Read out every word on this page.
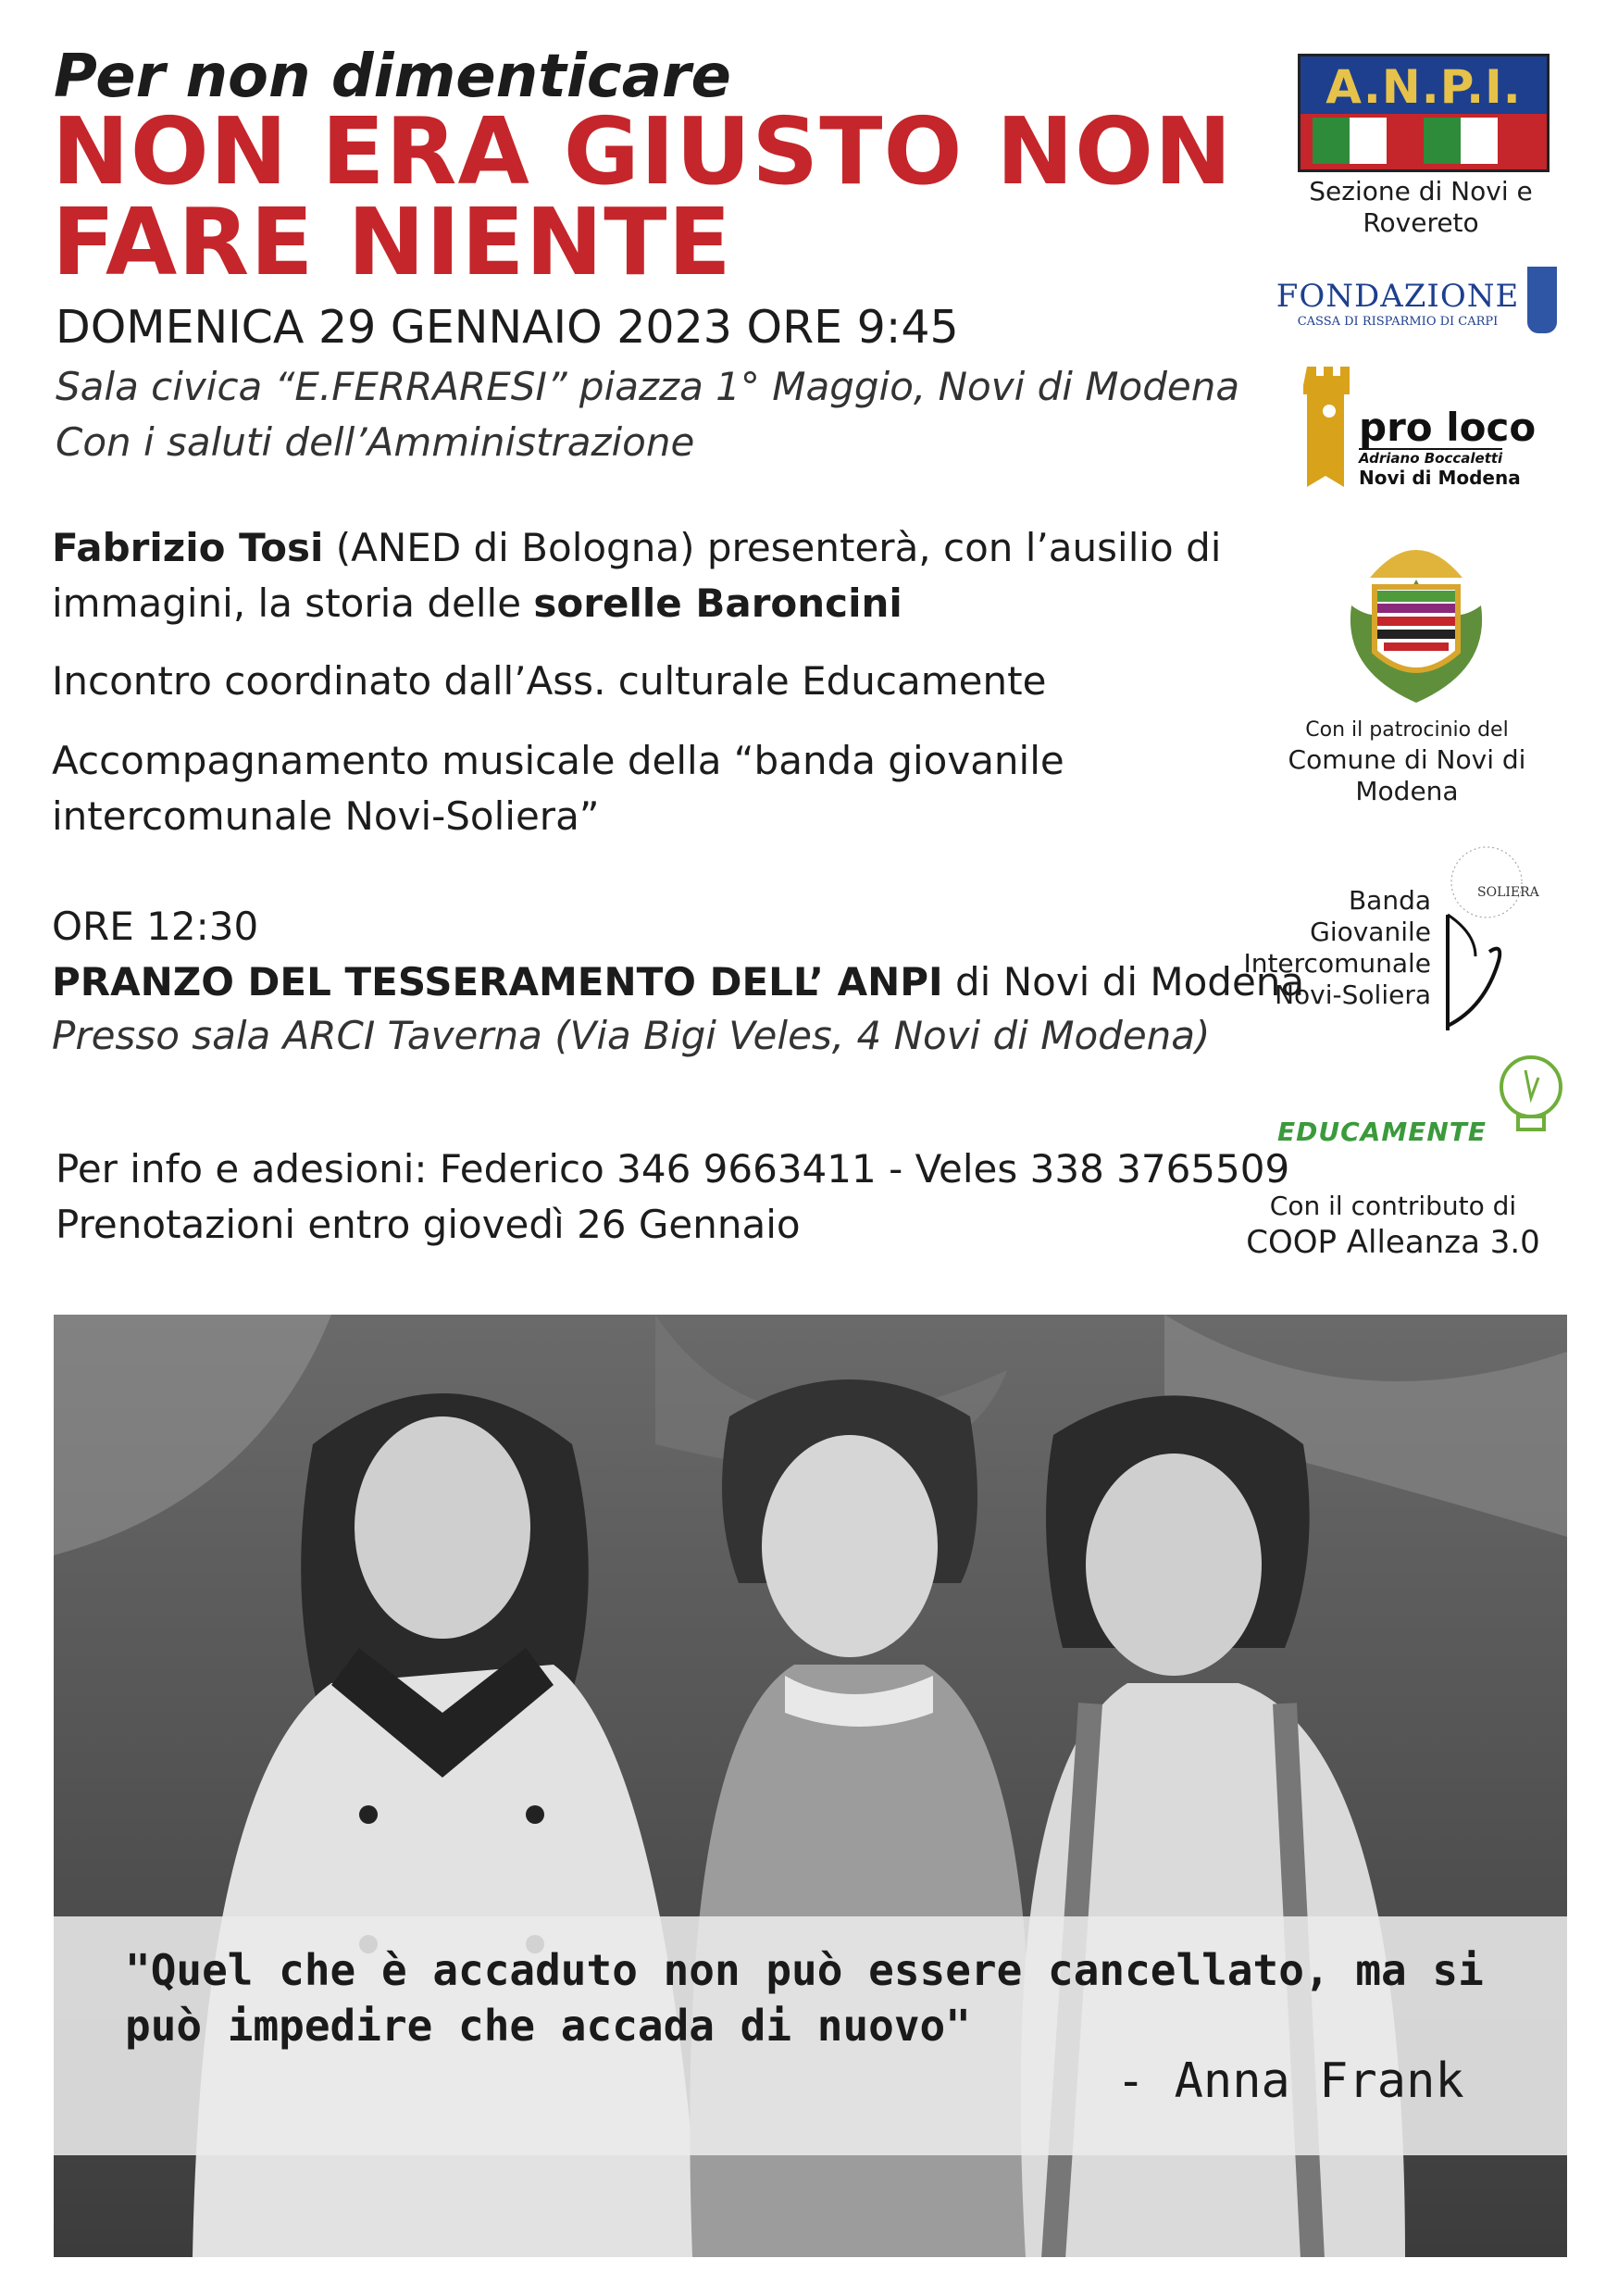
Per non dimenticare
NON ERA GIUSTO NON
FARE NIENTE
DOMENICA 29 GENNAIO 2023 ORE 9:45
Sala civica “E.FERRARESI” piazza 1° Maggio, Novi di Modena
Con i saluti dell’Amministrazione
Fabrizio Tosi (ANED di Bologna) presenterà, con l’ausilio di immagini, la storia delle sorelle Baroncini
Incontro coordinato dall’Ass. culturale Educamente
Accompagnamento musicale della “banda giovanile intercomunale Novi-Soliera”
ORE 12:30
PRANZO DEL TESSERAMENTO DELL’ ANPI di Novi di Modena
Presso sala ARCI Taverna (Via Bigi Veles, 4 Novi di Modena)
Per info e adesioni: Federico 346 9663411 - Veles 338 3765509
Prenotazioni entro giovedì 26 Gennaio
A.N.P.I.
Sezione di Novi e Rovereto
FONDAZIONE
CASSA DI RISPARMIO DI CARPI
pro loco
Adriano Boccaletti
Novi di Modena
Con il patrocinio del
Comune di Novi di Modena
Banda Giovanile Intercomunale Novi-Soliera
SOLIERA
EDUCAMENTE
Con il contributo di
COOP Alleanza 3.0
"Quel che è accaduto non può essere cancellato, ma si può impedire che accada di nuovo"
- Anna Frank
